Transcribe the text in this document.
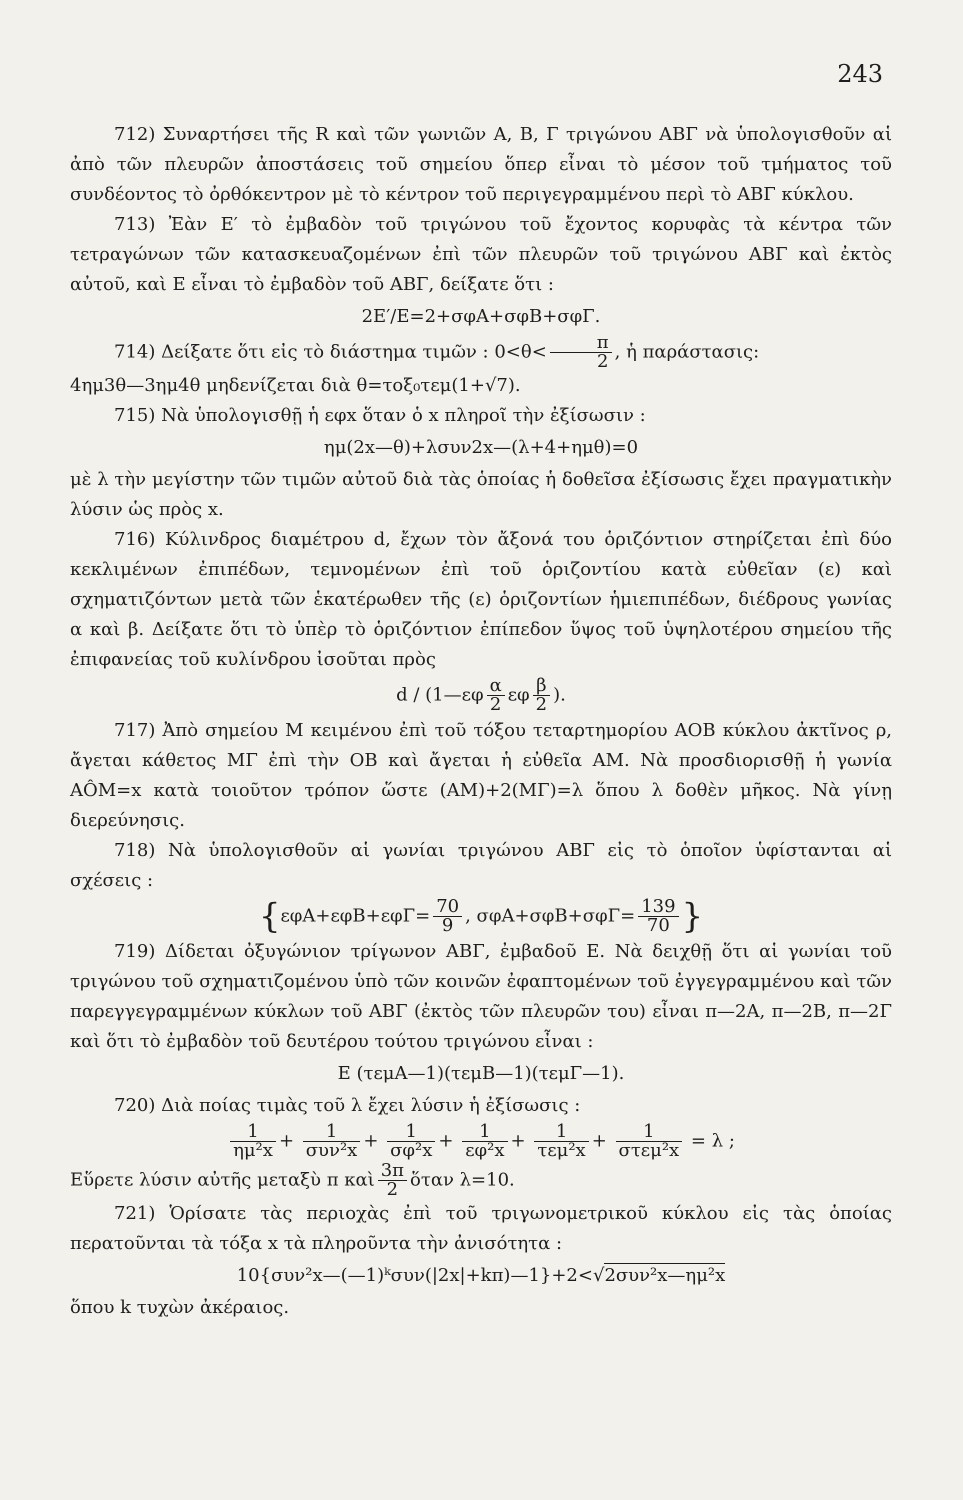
243

712) Συναρτήσει τῆς R καὶ τῶν γωνιῶν Α, Β, Γ τριγώνου ΑΒΓ νὰ ὑπολογισθοῦν αἱ ἀπὸ τῶν πλευρῶν ἀποστάσεις τοῦ σημείου ὅπερ εἶναι τὸ μέσον τοῦ τμήματος τοῦ συνδέοντος τὸ ὀρθόκεντρον μὲ τὸ κέντρον τοῦ περιγεγραμμένου περὶ τὸ ΑΒΓ κύκλου.

713) Ἐὰν E′ τὸ ἐμβαδὸν τοῦ τριγώνου τοῦ ἔχοντος κορυφὰς τὰ κέντρα τῶν τετραγώνων τῶν κατασκευαζομένων ἐπὶ τῶν πλευρῶν τοῦ τριγώνου ΑΒΓ καὶ ἐκτὸς αὐτοῦ, καὶ E εἶναι τὸ ἐμβαδὸν τοῦ ΑΒΓ, δείξατε ὅτι :

2E′/E=2+σφΑ+σφΒ+σφΓ.

714) Δείξατε ὅτι εἰς τὸ διάστημα τιμῶν : $0<\theta< \frac{\pi}{2}$ , ἡ παράστασις:

4ημ3θ—3ημ4θ μηδενίζεται διὰ θ=τοξ₀τεμ(1+√7).

715) Νὰ ὑπολογισθῇ ἡ εφx ὅταν ὁ x πληροῖ τὴν ἐξίσωσιν :

ημ(2x—θ)+λσυν2x—(λ+4+ημθ)=0

μὲ λ τὴν μεγίστην τῶν τιμῶν αὐτοῦ διὰ τὰς ὁποίας ἡ δοθεῖσα ἐξίσωσις ἔχει πραγματικὴν λύσιν ὡς πρὸς x.

716) Κύλινδρος διαμέτρου d, ἔχων τὸν ἄξονά του ὁριζόντιον στηρίζεται ἐπὶ δύο κεκλιμένων ἐπιπέδων, τεμνομένων ἐπὶ τοῦ ὁριζοντίου κατὰ εὐθεῖαν (ε) καὶ σχηματιζόντων μετὰ τῶν ἑκατέρωθεν τῆς (ε) ὁριζοντίων ἡμιεπιπέδων, διέδρους γωνίας α καὶ β. Δείξατε ὅτι τὸ ὑπὲρ τὸ ὁριζόντιον ἐπίπεδον ὕψος τοῦ ὑψηλοτέρου σημείου τῆς ἐπιφανείας τοῦ κυλίνδρου ἰσοῦται πρὸς

d / (1—εφ $\frac{\alpha}{2}$ εφ $\frac{\beta}{2}$ ).

717) Ἀπὸ σημείου Μ κειμένου ἐπὶ τοῦ τόξου τεταρτημορίου ΑΟΒ κύκλου ἀκτῖνος ρ, ἄγεται κάθετος ΜΓ ἐπὶ τὴν ΟΒ καὶ ἄγεται ἡ εὐθεῖα ΑΜ. Νὰ προσδιορισθῇ ἡ γωνία ΑÔΜ=x κατὰ τοιοῦτον τρόπον ὥστε (ΑΜ)+2(ΜΓ)=λ ὅπου λ δοθὲν μῆκος. Νὰ γίνῃ διερεύνησις.

718) Νὰ ὑπολογισθοῦν αἱ γωνίαι τριγώνου ΑΒΓ εἰς τὸ ὁποῖον ὑφίστανται αἱ σχέσεις :

{$\varepsilon\varphi A+\varepsilon\varphi B+\varepsilon\varphi\Gamma= \frac{70}{9}$ , $\sigma\varphi A+\sigma\varphi B+\sigma\varphi\Gamma= \frac{139}{70}$ }

719) Δίδεται ὀξυγώνιον τρίγωνον ΑΒΓ, ἐμβαδοῦ Ε. Νὰ δειχθῇ ὅτι αἱ γωνίαι τοῦ τριγώνου τοῦ σχηματιζομένου ὑπὸ τῶν κοινῶν ἐφαπτομένων τοῦ ἐγγεγραμμένου καὶ τῶν παρεγγεγραμμένων κύκλων τοῦ ΑΒΓ (ἐκτὸς τῶν πλευρῶν του) εἶναι π—2Α, π—2Β, π—2Γ καὶ ὅτι τὸ ἐμβαδὸν τοῦ δευτέρου τούτου τριγώνου εἶναι :

Ε (τεμΑ—1)(τεμΒ—1)(τεμΓ—1).

720) Διὰ ποίας τιμὰς τοῦ λ ἔχει λύσιν ἡ ἐξίσωσις :

$\frac{1}{\text{ημ²x}} + \frac{1}{\text{συν²x}} + \frac{1}{\text{σφ²x}} + \frac{1}{\text{εφ²x}} + \frac{1}{\text{τεμ²x}} + \frac{1}{\text{στεμ²x}} = \lambda$ ;

Εὕρετε λύσιν αὐτῆς μεταξὺ π καὶ $\frac{3\pi}{2}$ ὅταν λ=10.

721) Ὁρίσατε τὰς περιοχὰς ἐπὶ τοῦ τριγωνομετρικοῦ κύκλου εἰς τὰς ὁποίας περατοῦνται τὰ τόξα x τὰ πληροῦντα τὴν ἀνισότητα :

10{συν²x—(—1)ᵏσυν(|2x|+kπ)—1}+2<√2συν²x—ημ²x

ὅπου k τυχὼν ἀκέραιος.
